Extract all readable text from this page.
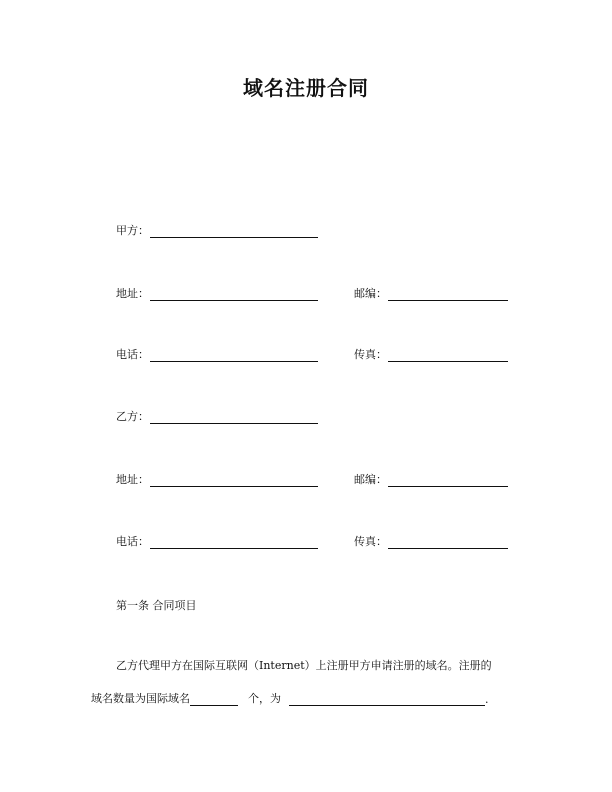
域名注册合同
甲方：
地址：	邮编：
电话：	传真：
乙方：
地址：	邮编：
电话：	传真：
第一条 合同项目
乙方代理甲方在国际互联网（Internet）上注册甲方申请注册的域名。注册的
域名数量为国际域名	个，为	.
